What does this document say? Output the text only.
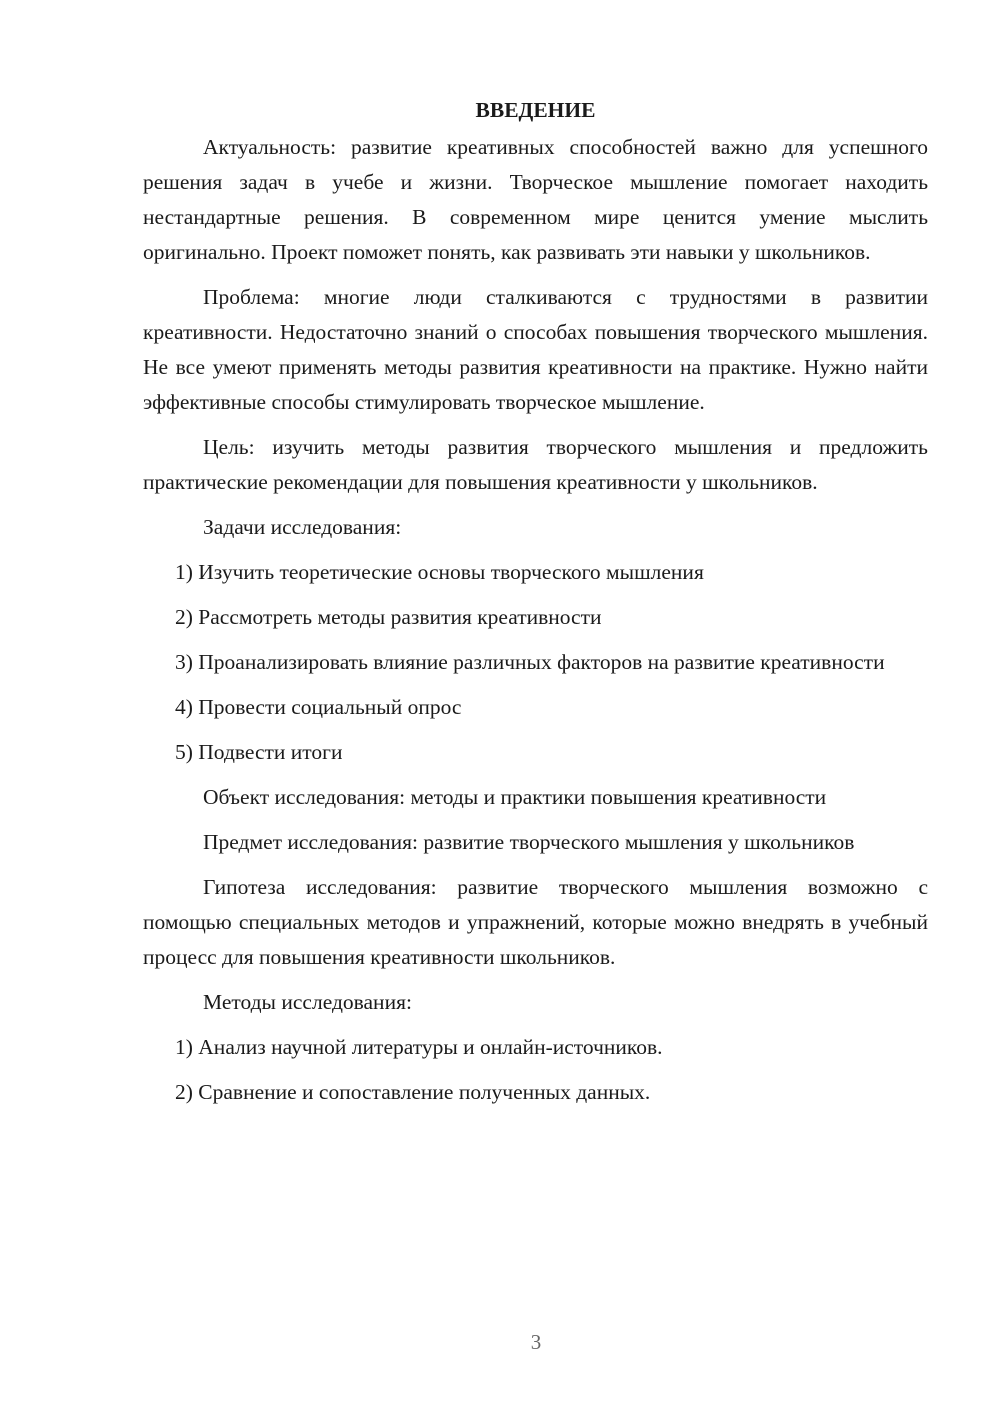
ВВЕДЕНИЕ

Актуальность: развитие креативных способностей важно для успешного решения задач в учебе и жизни. Творческое мышление помогает находить нестандартные решения. В современном мире ценится умение мыслить оригинально. Проект поможет понять, как развивать эти навыки у школьников.

Проблема: многие люди сталкиваются с трудностями в развитии креативности. Недостаточно знаний о способах повышения творческого мышления. Не все умеют применять методы развития креативности на практике. Нужно найти эффективные способы стимулировать творческое мышление.

Цель: изучить методы развития творческого мышления и предложить практические рекомендации для повышения креативности у школьников.

Задачи исследования:

1) Изучить теоретические основы творческого мышления

2) Рассмотреть методы развития креативности

3) Проанализировать влияние различных факторов на развитие креативности

4) Провести социальный опрос

5) Подвести итоги

Объект исследования: методы и практики повышения креативности

Предмет исследования: развитие творческого мышления у школьников

Гипотеза исследования: развитие творческого мышления возможно с помощью специальных методов и упражнений, которые можно внедрять в учебный процесс для повышения креативности школьников.

Методы исследования:

1) Анализ научной литературы и онлайн-источников.

2) Сравнение и сопоставление полученных данных.

3
